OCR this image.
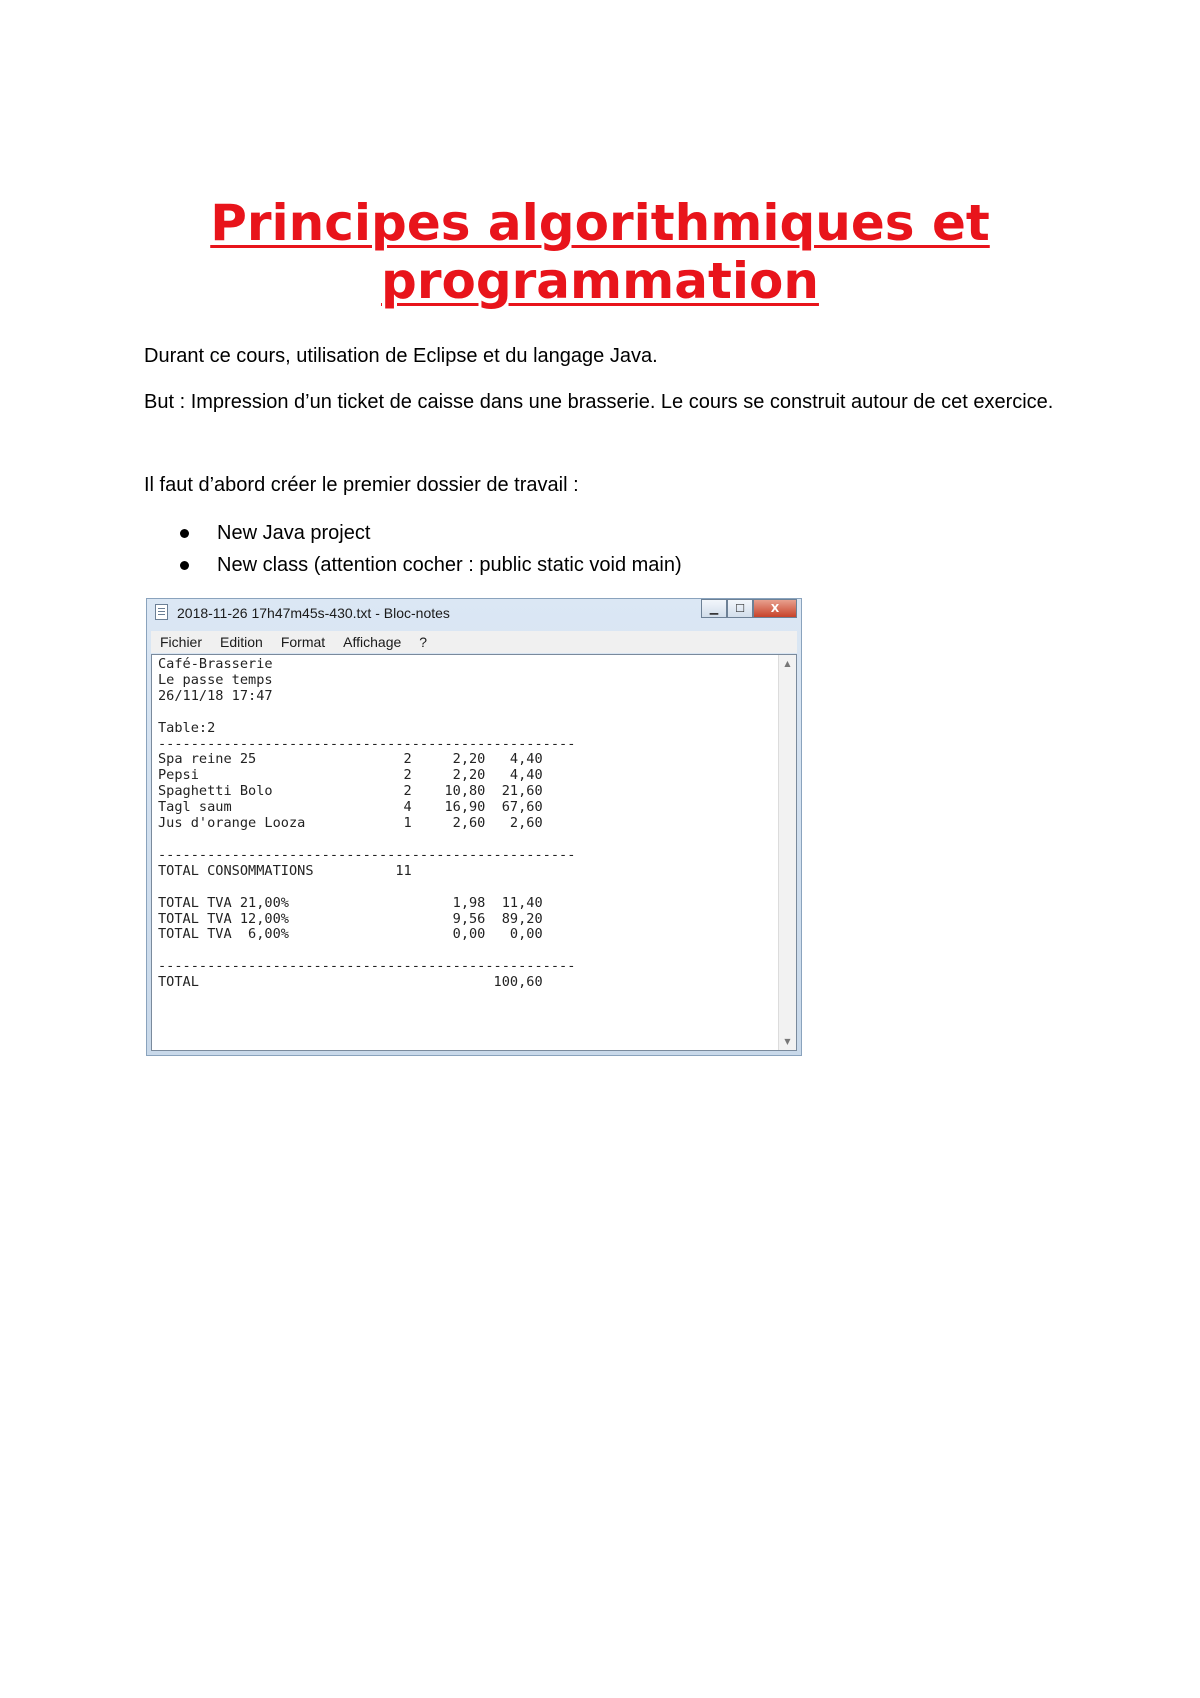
Principes algorithmiques et programmation

Durant ce cours, utilisation de Eclipse et du langage Java.

But : Impression d’un ticket de caisse dans une brasserie. Le cours se construit autour de cet exercice.

Il faut d’abord créer le premier dossier de travail :

New Java project
New class (attention cocher : public static void main)
2018-11-26 17h47m45s-430.txt - Bloc-notes	▁	☐	X
Fichier	Edition	Format	Affichage	?
Café-Brasserie
Le passe temps
26/11/18 17:47

Table:2
---------------------------------------------------
Spa reine 25                  2     2,20   4,40
Pepsi                         2     2,20   4,40
Spaghetti Bolo                2    10,80  21,60
Tagl saum                     4    16,90  67,60
Jus d'orange Looza            1     2,60   2,60

---------------------------------------------------
TOTAL CONSOMMATIONS          11

TOTAL TVA 21,00%                    1,98  11,40
TOTAL TVA 12,00%                    9,56  89,20
TOTAL TVA  6,00%                    0,00   0,00

---------------------------------------------------
TOTAL                                    100,60
▲
▼
